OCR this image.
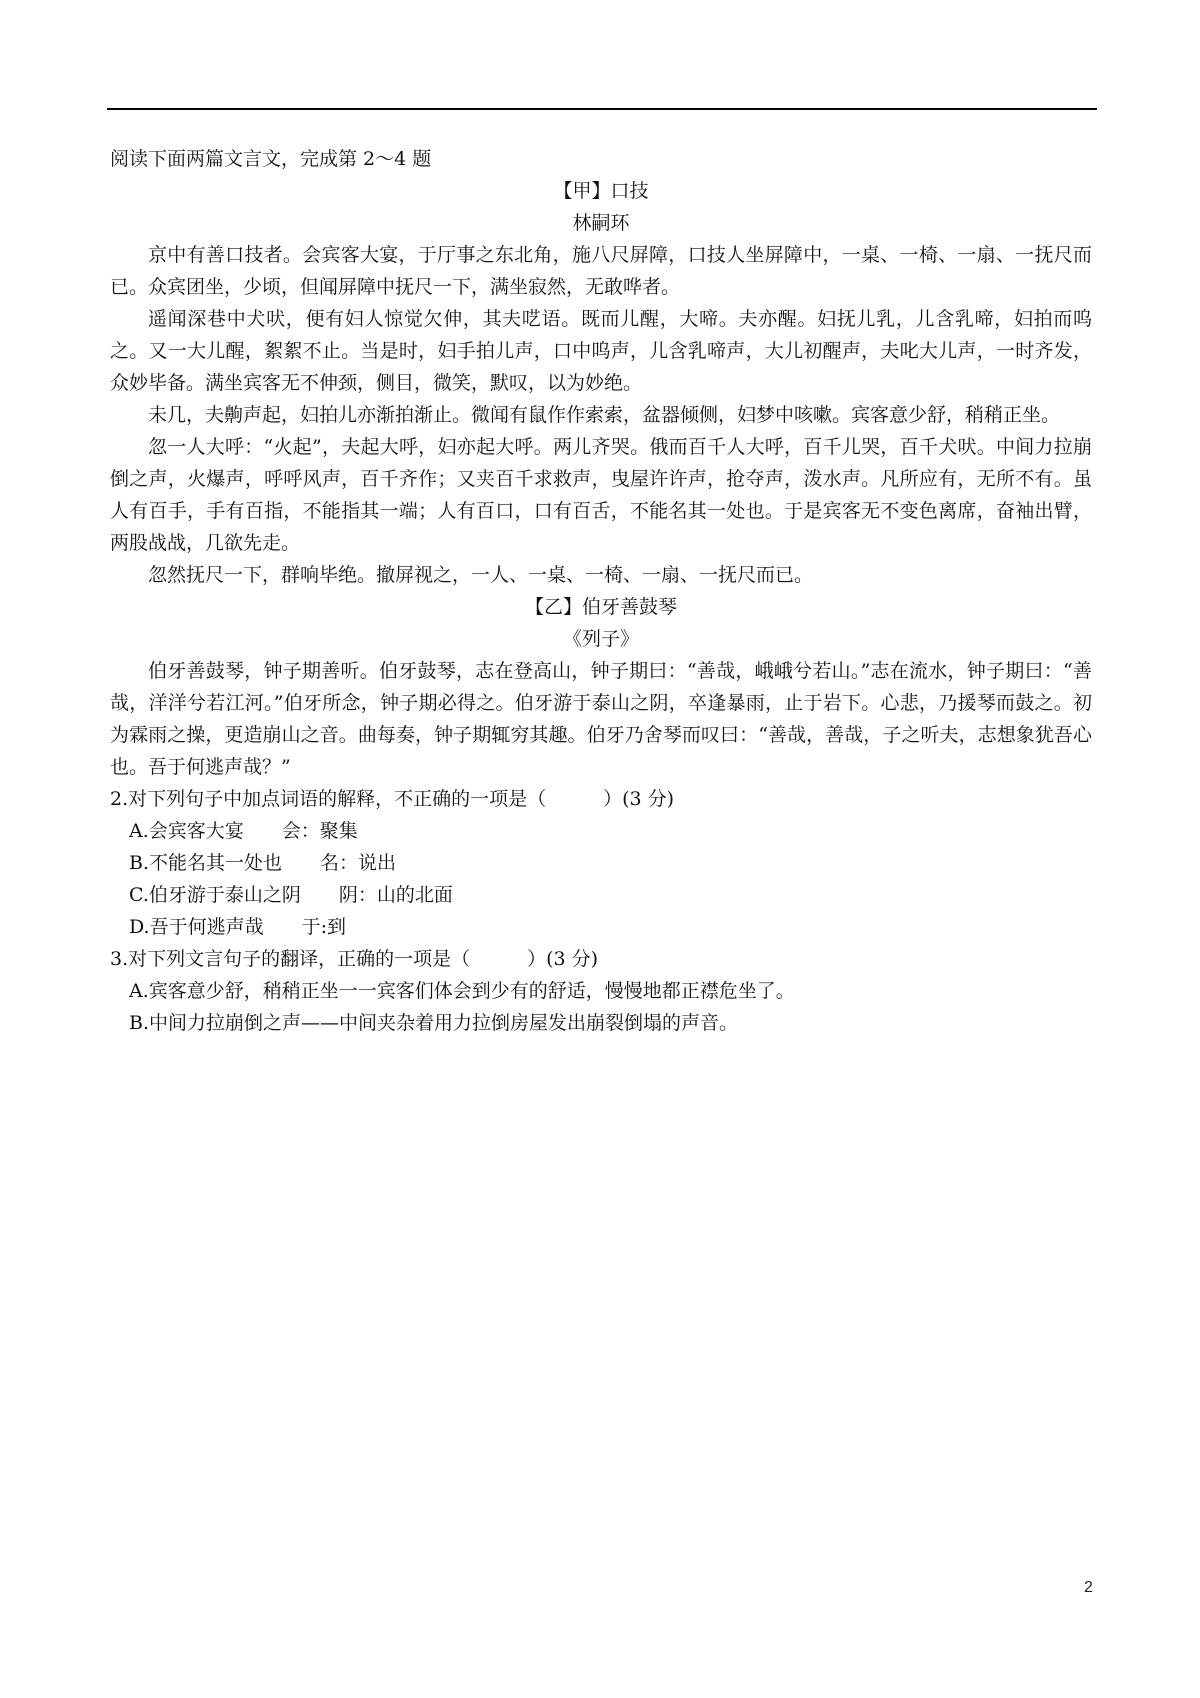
阅读下面两篇文言文，完成第 2～4 题

【甲】口技

林嗣环

京中有善口技者。会宾客大宴，于厅事之东北角，施八尺屏障，口技人坐屏障中，一桌、一椅、一扇、一抚尺而已。众宾团坐，少顷，但闻屏障中抚尺一下，满坐寂然，无敢哗者。

遥闻深巷中犬吠，便有妇人惊觉欠伸，其夫呓语。既而儿醒，大啼。夫亦醒。妇抚儿乳，儿含乳啼，妇拍而呜之。又一大儿醒，絮絮不止。当是时，妇手拍儿声，口中呜声，儿含乳啼声，大儿初醒声，夫叱大儿声，一时齐发，众妙毕备。满坐宾客无不伸颈，侧目，微笑，默叹，以为妙绝。

未几，夫齁声起，妇拍儿亦渐拍渐止。微闻有鼠作作索索，盆器倾侧，妇梦中咳嗽。宾客意少舒，稍稍正坐。

忽一人大呼：“火起”，夫起大呼，妇亦起大呼。两儿齐哭。俄而百千人大呼，百千儿哭，百千犬吠。中间力拉崩倒之声，火爆声，呼呼风声，百千齐作；又夹百千求救声，曳屋许许声，抢夺声，泼水声。凡所应有，无所不有。虽人有百手，手有百指，不能指其一端；人有百口，口有百舌，不能名其一处也。于是宾客无不变色离席，奋袖出臂，两股战战，几欲先走。

忽然抚尺一下，群响毕绝。撤屏视之，一人、一桌、一椅、一扇、一抚尺而已。

【乙】伯牙善鼓琴

《列子》

伯牙善鼓琴，钟子期善听。伯牙鼓琴，志在登高山，钟子期曰：“善哉，峨峨兮若山。”志在流水，钟子期曰：“善哉，洋洋兮若江河。”伯牙所念，钟子期必得之。伯牙游于泰山之阴，卒逢暴雨，止于岩下。心悲，乃援琴而鼓之。初为霖雨之操，更造崩山之音。曲每奏，钟子期辄穷其趣。伯牙乃舍琴而叹曰：“善哉，善哉，子之听夫，志想象犹吾心也。吾于何逃声哉？”

2.对下列句子中加点词语的解释，不正确的一项是（　　　）(3 分)

A.会宾客大宴　　会：聚集

B.不能名其一处也　　名：说出

C.伯牙游于泰山之阴　　阴：山的北面

D.吾于何逃声哉　　于:到

3.对下列文言句子的翻译，正确的一项是（　　　）(3 分)

A.宾客意少舒，稍稍正坐一一宾客们体会到少有的舒适，慢慢地都正襟危坐了。

B.中间力拉崩倒之声——中间夹杂着用力拉倒房屋发出崩裂倒塌的声音。

2
